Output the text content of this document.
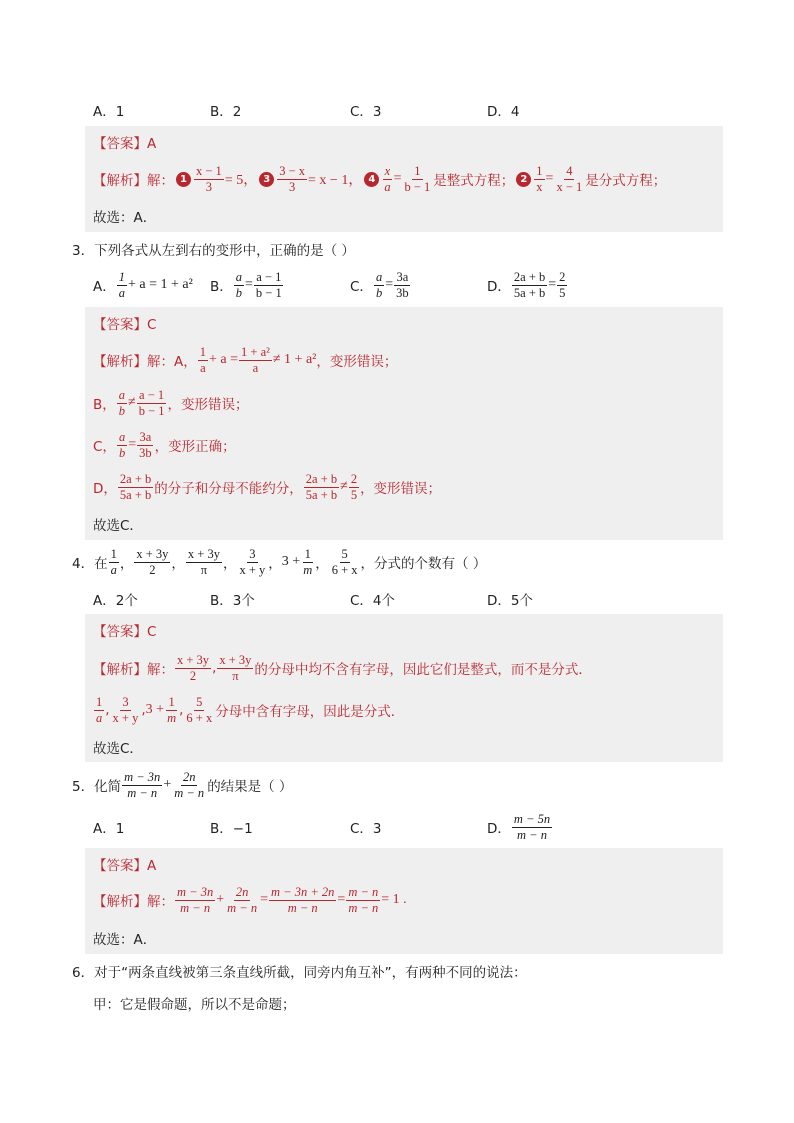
A．1	B．2	C．3	D．4
【答案】A
【解析】解： $1 \frac{x - 1}{3} = 5$， $3 \frac{3 - x}{3} = x - 1$， $4 \frac{x}{a} = \frac{1}{b - 1}$ 是整式方程； $2 \frac{1}{x} = \frac{4}{x - 1}$ 是分式方程；
故选：A．
3．下列各式从左到右的变形中，正确的是（ ）
A． $\frac{1}{a} + a = 1 + a^2$ B． $\frac{a}{b} = \frac{a - 1}{b - 1}$	C． $\frac{a}{b} = \frac{3a}{3b}$	D． $\frac{2a + b}{5a + b} = \frac{2}{5}$
【答案】C
【解析】解：A， $\frac{1}{a} + a = \frac{\text{1 + a²}}{a} \ne 1 + a^2$ ，变形错误；
B， $\frac{a}{b} \ne \frac{a - 1}{b - 1}$ ，变形错误；
C， $\frac{a}{b} = \frac{3a}{3b}$ ，变形正确；
D， $\frac{2a + b}{5a + b}$ 的分子和分母不能约分， $\frac{2a + b}{5a + b} \ne \frac{2}{5}$ ，变形错误；
故选C．
4．在 $\frac{1}{a}$ ， $\frac{x + 3y}{2}$ ， $\frac{x + 3y}{\pi}$ ， $\frac{3}{x + y}$ ， $3 + \frac{1}{m}$ ， $\frac{5}{6 + x}$ ，分式的个数有（ ）
A．2个	B．3个	C．4个	D．5个
【答案】C
【解析】解： $\frac{x + 3y}{2}$ , $\frac{x + 3y}{\pi}$ 的分母中均不含有字母，因此它们是整式，而不是分式．
$\frac{1}{a}$ , $\frac{3}{x + y}$ , $3 + \frac{1}{m}$ , $\frac{5}{6 + x}$ 分母中含有字母，因此是分式．
故选C．
5．化简 $\frac{m - 3n}{m - n} + \frac{2n}{m - n}$ 的结果是（ ）
A．1	B．−1	C．3	D． $\frac{m - 5n}{m - n}$
【答案】A
【解析】解： $\frac{m - 3n}{m - n} + \frac{2n}{m - n} = \frac{m - 3n + 2n}{m - n} = \frac{m - n}{m - n} = 1$ .
故选：A．
6．对于“两条直线被第三条直线所截，同旁内角互补”，有两种不同的说法：
甲：它是假命题，所以不是命题；
